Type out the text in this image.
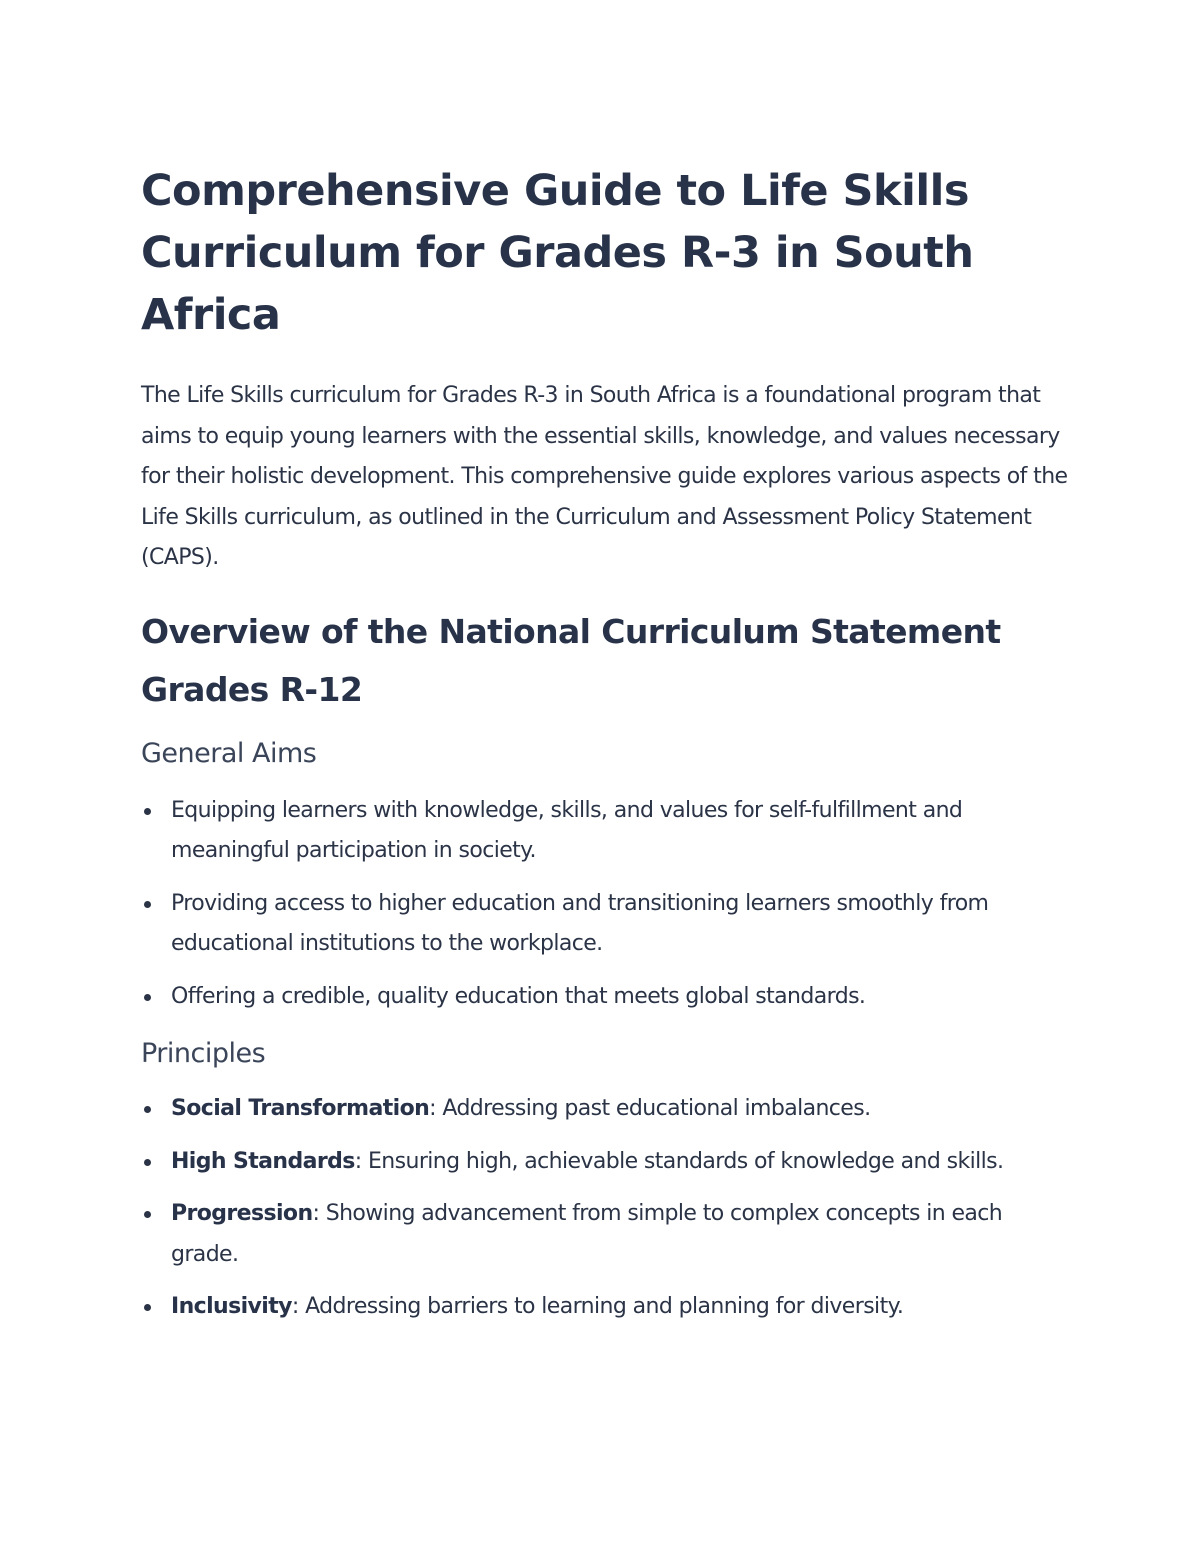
Comprehensive Guide to Life Skills Curriculum for Grades R-3 in South Africa

The Life Skills curriculum for Grades R-3 in South Africa is a foundational program that aims to equip young learners with the essential skills, knowledge, and values necessary for their holistic development. This comprehensive guide explores various aspects of the Life Skills curriculum, as outlined in the Curriculum and Assessment Policy Statement (CAPS).

Overview of the National Curriculum Statement Grades R-12
General Aims
Equipping learners with knowledge, skills, and values for self-fulfillment and meaningful participation in society.
Providing access to higher education and transitioning learners smoothly from educational institutions to the workplace.
Offering a credible, quality education that meets global standards.
Principles
Social Transformation: Addressing past educational imbalances.
High Standards: Ensuring high, achievable standards of knowledge and skills.
Progression: Showing advancement from simple to complex concepts in each grade.
Inclusivity: Addressing barriers to learning and planning for diversity.
